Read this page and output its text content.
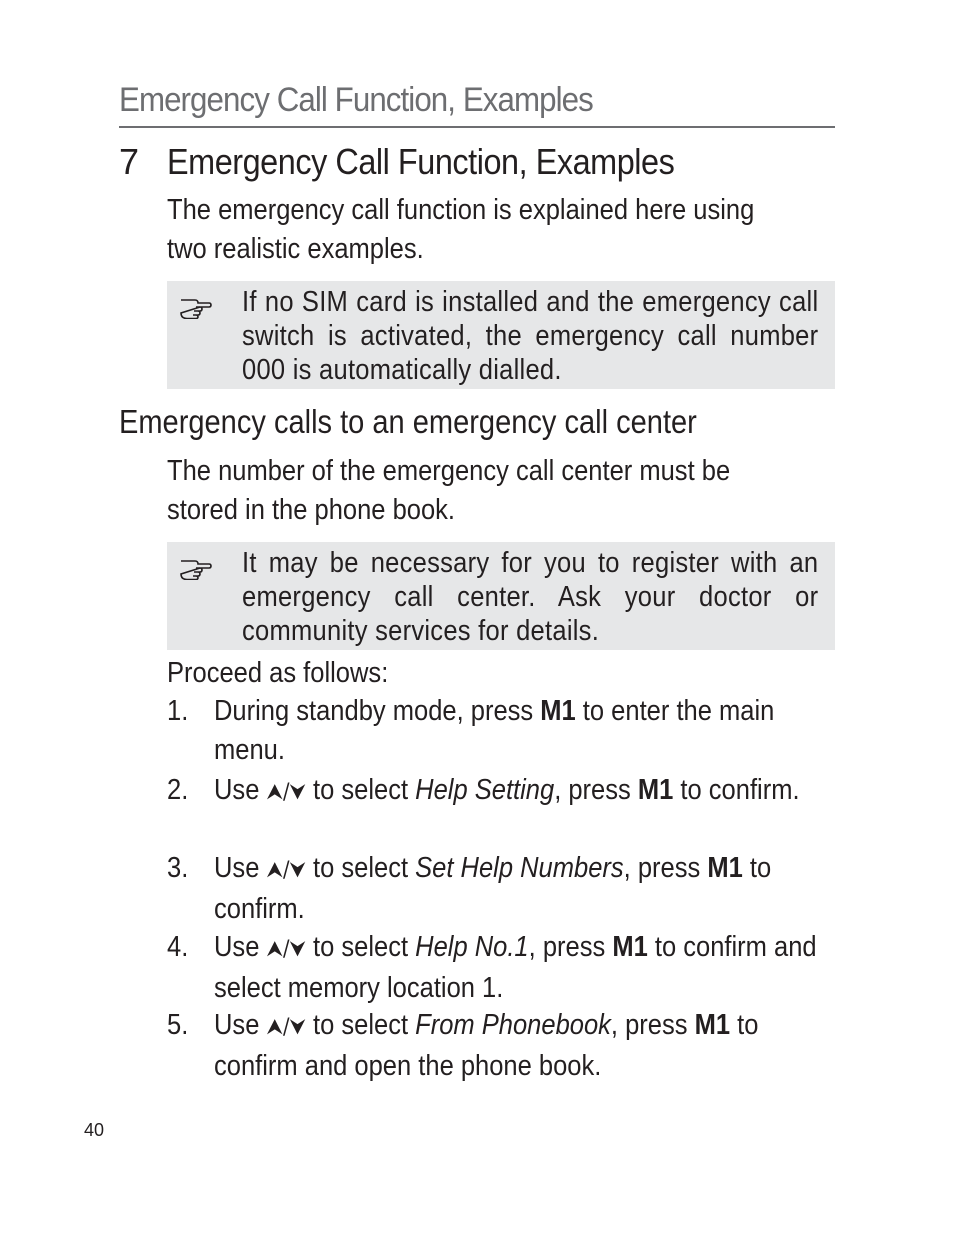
Emergency Call Function, Examples
7 Emergency Call Function, Examples
The emergency call function is explained here using two realistic examples.
If no SIM card is installed and the emergency call switch is activated, the emergency call number 000 is automatically dialled.
Emergency calls to an emergency call center
The number of the emergency call center must be stored in the phone book.
It may be necessary for you to register with an emergency call center. Ask your doctor or community services for details.
Proceed as follows:
1. During standby mode, press M1 to enter the main menu.
2. Use ⮝/⮟ to select Help Setting, press M1 to confirm.
3. Use ⮝/⮟ to select Set Help Numbers, press M1 to confirm.
4. Use ⮝/⮟ to select Help No.1, press M1 to confirm and select memory location 1.
5. Use ⮝/⮟ to select From Phonebook, press M1 to confirm and open the phone book.
40
